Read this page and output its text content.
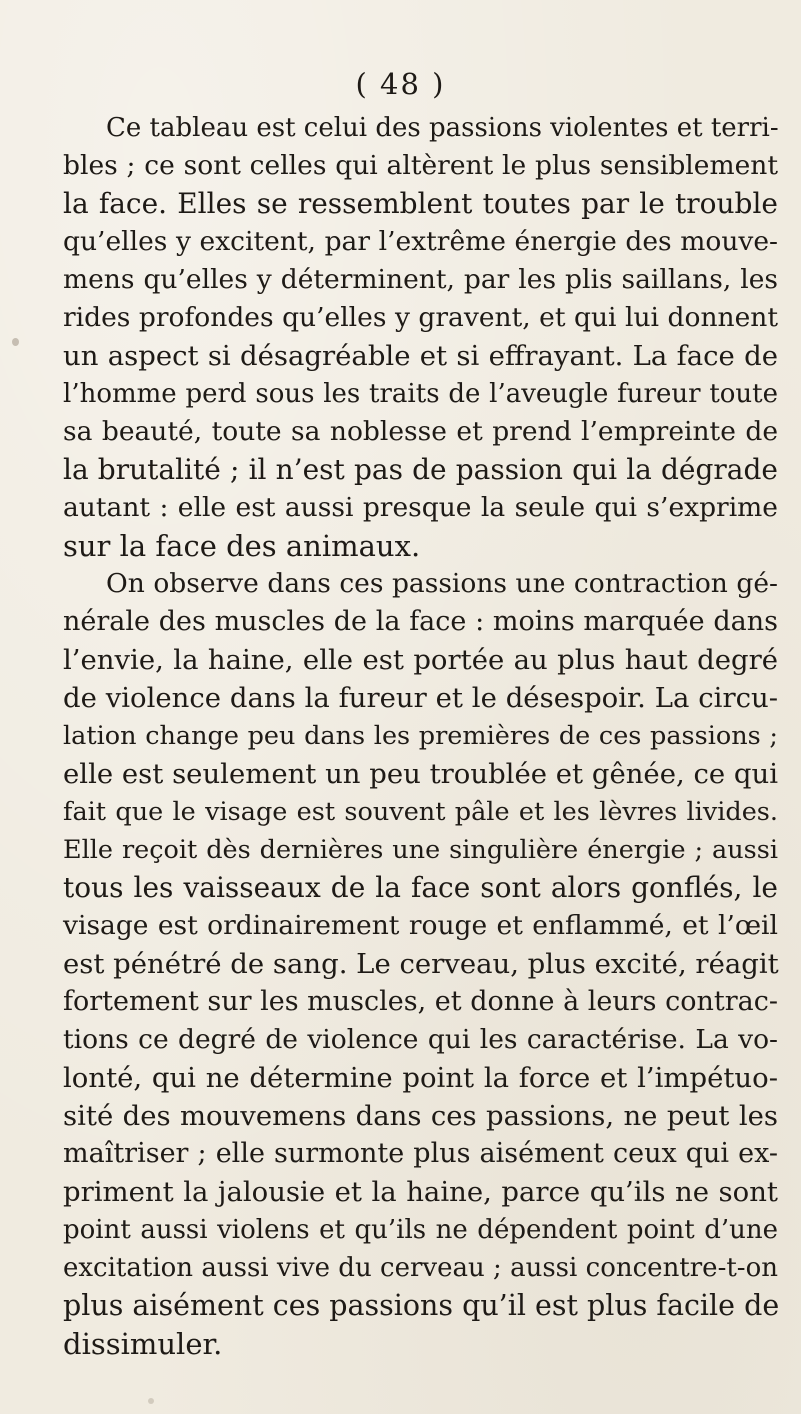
( 48 )
Ce tableau est celui des passions violentes et terri-
bles ; ce sont celles qui altèrent le plus sensiblement
la face. Elles se ressemblent toutes par le trouble
qu’elles y excitent, par l’extrême énergie des mouve-
mens qu’elles y déterminent, par les plis saillans, les
rides profondes qu’elles y gravent, et qui lui donnent
un aspect si désagréable et si effrayant. La face de
l’homme perd sous les traits de l’aveugle fureur toute
sa beauté, toute sa noblesse et prend l’empreinte de
la brutalité ; il n’est pas de passion qui la dégrade
autant : elle est aussi presque la seule qui s’exprime
sur la face des animaux.
On observe dans ces passions une contraction gé-
nérale des muscles de la face : moins marquée dans
l’envie, la haine, elle est portée au plus haut degré
de violence dans la fureur et le désespoir. La circu-
lation change peu dans les premières de ces passions ;
elle est seulement un peu troublée et gênée, ce qui
fait que le visage est souvent pâle et les lèvres livides.
Elle reçoit dès dernières une singulière énergie ; aussi
tous les vaisseaux de la face sont alors gonflés, le
visage est ordinairement rouge et enflammé, et l’œil
est pénétré de sang. Le cerveau, plus excité, réagit
fortement sur les muscles, et donne à leurs contrac-
tions ce degré de violence qui les caractérise. La vo-
lonté, qui ne détermine point la force et l’impétuo-
sité des mouvemens dans ces passions, ne peut les
maîtriser ; elle surmonte plus aisément ceux qui ex-
priment la jalousie et la haine, parce qu’ils ne sont
point aussi violens et qu’ils ne dépendent point d’une
excitation aussi vive du cerveau ; aussi concentre-t-on
plus aisément ces passions qu’il est plus facile de
dissimuler.
